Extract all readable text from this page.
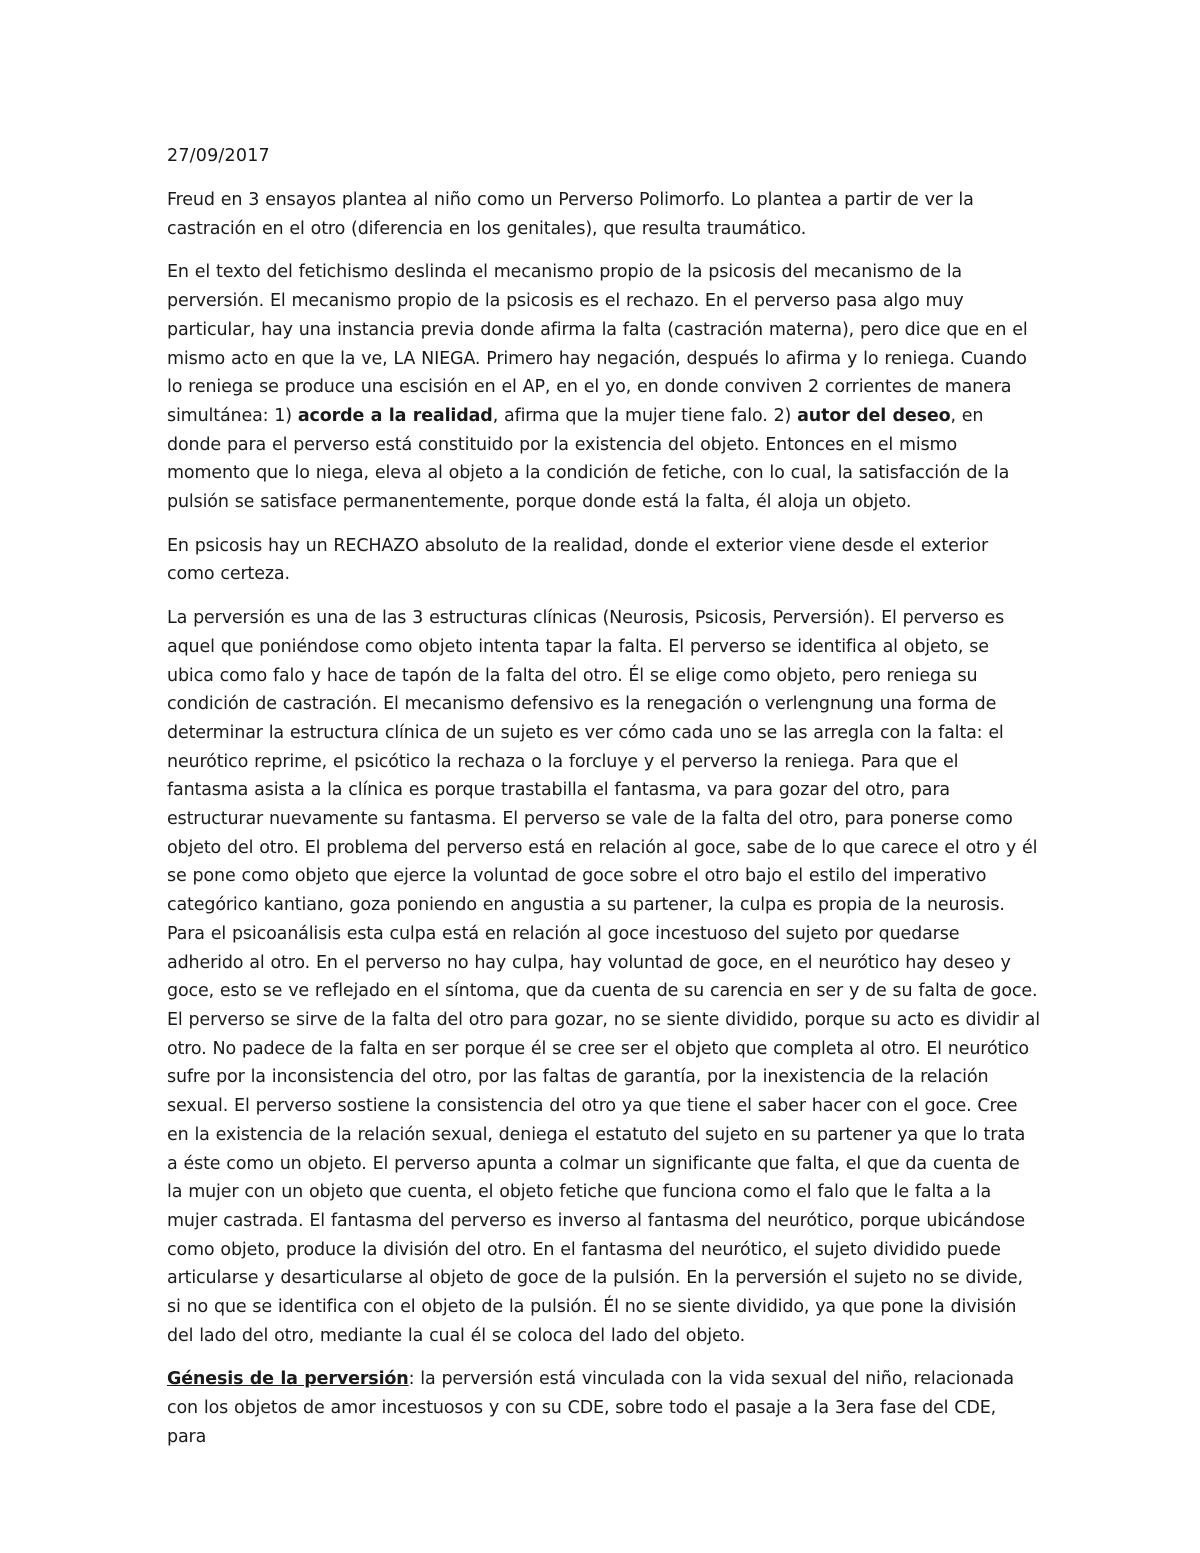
27/09/2017

Freud en 3 ensayos plantea al niño como un Perverso Polimorfo. Lo plantea a partir de ver la castración en el otro (diferencia en los genitales), que resulta traumático.

En el texto del fetichismo deslinda el mecanismo propio de la psicosis del mecanismo de la perversión. El mecanismo propio de la psicosis es el rechazo. En el perverso pasa algo muy particular, hay una instancia previa donde afirma la falta (castración materna), pero dice que en el mismo acto en que la ve, LA NIEGA. Primero hay negación, después lo afirma y lo reniega. Cuando lo reniega se produce una escisión en el AP, en el yo, en donde conviven 2 corrientes de manera simultánea: 1) acorde a la realidad, afirma que la mujer tiene falo. 2) autor del deseo, en donde para el perverso está constituido por la existencia del objeto. Entonces en el mismo momento que lo niega, eleva al objeto a la condición de fetiche, con lo cual, la satisfacción de la pulsión se satisface permanentemente, porque donde está la falta, él aloja un objeto.

En psicosis hay un RECHAZO absoluto de la realidad, donde el exterior viene desde el exterior como certeza.

La perversión es una de las 3 estructuras clínicas (Neurosis, Psicosis, Perversión). El perverso es aquel que poniéndose como objeto intenta tapar la falta. El perverso se identifica al objeto, se ubica como falo y hace de tapón de la falta del otro. Él se elige como objeto, pero reniega su condición de castración. El mecanismo defensivo es la renegación o verlengnung una forma de determinar la estructura clínica de un sujeto es ver cómo cada uno se las arregla con la falta: el neurótico reprime, el psicótico la rechaza o la forcluye y el perverso la reniega. Para que el fantasma asista a la clínica es porque trastabilla el fantasma, va para gozar del otro, para estructurar nuevamente su fantasma. El perverso se vale de la falta del otro, para ponerse como objeto del otro. El problema del perverso está en relación al goce, sabe de lo que carece el otro y él se pone como objeto que ejerce la voluntad de goce sobre el otro bajo el estilo del imperativo categórico kantiano, goza poniendo en angustia a su partener, la culpa es propia de la neurosis. Para el psicoanálisis esta culpa está en relación al goce incestuoso del sujeto por quedarse adherido al otro. En el perverso no hay culpa, hay voluntad de goce, en el neurótico hay deseo y goce, esto se ve reflejado en el síntoma, que da cuenta de su carencia en ser y de su falta de goce. El perverso se sirve de la falta del otro para gozar, no se siente dividido, porque su acto es dividir al otro. No padece de la falta en ser porque él se cree ser el objeto que completa al otro. El neurótico sufre por la inconsistencia del otro, por las faltas de garantía, por la inexistencia de la relación sexual. El perverso sostiene la consistencia del otro ya que tiene el saber hacer con el goce. Cree en la existencia de la relación sexual, deniega el estatuto del sujeto en su partener ya que lo trata a éste como un objeto. El perverso apunta a colmar un significante que falta, el que da cuenta de la mujer con un objeto que cuenta, el objeto fetiche que funciona como el falo que le falta a la mujer castrada. El fantasma del perverso es inverso al fantasma del neurótico, porque ubicándose como objeto, produce la división del otro. En el fantasma del neurótico, el sujeto dividido puede articularse y desarticularse al objeto de goce de la pulsión. En la perversión el sujeto no se divide, si no que se identifica con el objeto de la pulsión. Él no se siente dividido, ya que pone la división del lado del otro, mediante la cual él se coloca del lado del objeto.

Génesis de la perversión: la perversión está vinculada con la vida sexual del niño, relacionada con los objetos de amor incestuosos y con su CDE, sobre todo el pasaje a la 3era fase del CDE, para
